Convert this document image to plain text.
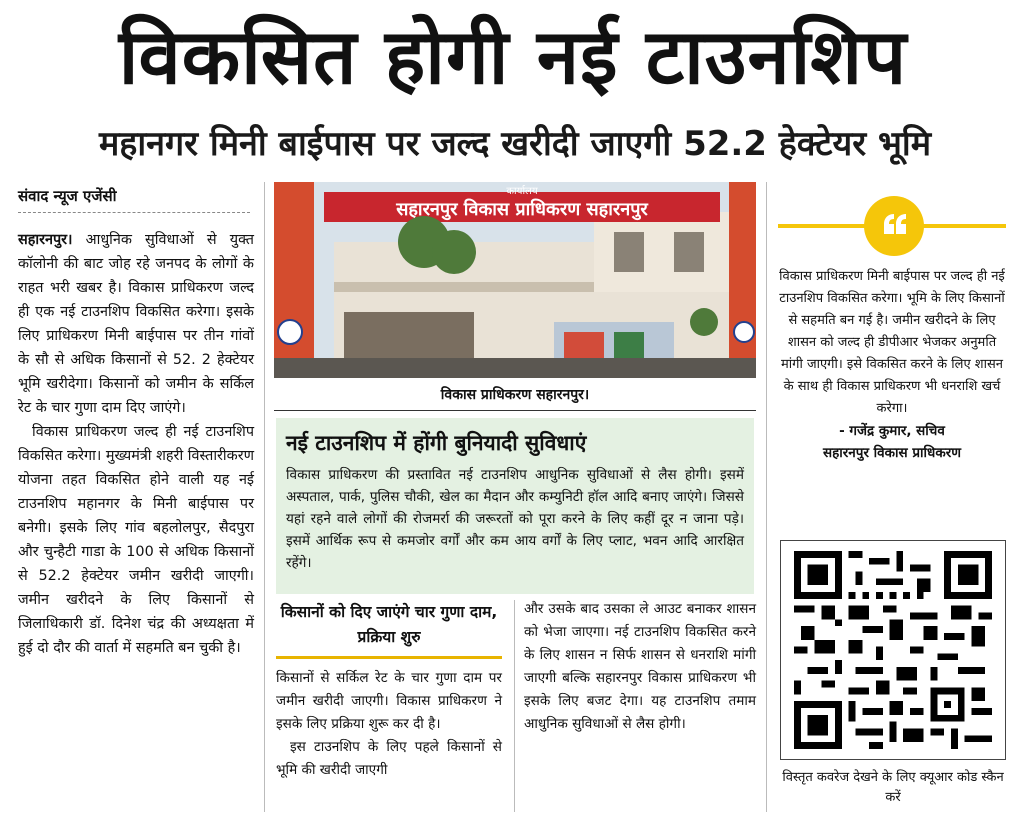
विकसित होगी नई टाउनशिप
महानगर मिनी बाईपास पर जल्द खरीदी जाएगी 52.2 हेक्टेयर भूमि
संवाद न्यूज एजेंसी

सहारनपुर। आधुनिक सुविधाओं से युक्त कॉलोनी की बाट जोह रहे जनपद के लोगों के राहत भरी खबर है। विकास प्राधिकरण जल्द ही एक नई टाउनशिप विकसित करेगा। इसके लिए प्राधिकरण मिनी बाईपास पर तीन गांवों के सौ से अधिक किसानों से 52. 2 हेक्टेयर भूमि खरीदेगा। किसानों को जमीन के सर्किल रेट के चार गुणा दाम दिए जाएंगे।

विकास प्राधिकरण जल्द ही नई टाउनशिप विकसित करेगा। मुख्यमंत्री शहरी विस्तारीकरण योजना तहत विकसित होने वाली यह नई टाउनशिप महानगर के मिनी बाईपास पर बनेगी। इसके लिए गांव बहलोलपुर, सैदपुरा और चुन्हैटी गाडा के 100 से अधिक किसानों से 52.2 हेक्टेयर जमीन खरीदी जाएगी। जमीन खरीदने के लिए किसानों से जिलाधिकारी डॉ. दिनेश चंद्र की अध्यक्षता में हुई दो दौर की वार्ता में सहमति बन चुकी है।

कार्यालय
सहारनपुर विकास प्राधिकरण सहारनपुर
विकास प्राधिकरण सहारनपुर।
नई टाउनशिप में होंगी बुनियादी सुविधाएं
विकास प्राधिकरण की प्रस्तावित नई टाउनशिप आधुनिक सुविधाओं से लैस होगी। इसमें अस्पताल, पार्क, पुलिस चौकी, खेल का मैदान और कम्युनिटी हॉल आदि बनाए जाएंगे। जिससे यहां रहने वाले लोगों की रोजमर्रा की जरूरतों को पूरा करने के लिए कहीं दूर न जाना पड़े। इसमें आर्थिक रूप से कमजोर वर्गों और कम आय वर्गों के लिए प्लाट, भवन आदि आरक्षित रहेंगे।
किसानों को दिए जाएंगे चार गुणा दाम, प्रक्रिया शुरु

किसानों से सर्किल रेट के चार गुणा दाम पर जमीन खरीदी जाएगी। विकास प्राधिकरण ने इसके लिए प्रक्रिया शुरू कर दी है।

इस टाउनशिप के लिए पहले किसानों से भूमि की खरीदी जाएगी

और उसके बाद उसका ले आउट बनाकर शासन को भेजा जाएगा। नई टाउनशिप विकसित करने के लिए शासन न सिर्फ शासन से धनराशि मांगी जाएगी बल्कि सहारनपुर विकास प्राधिकरण भी इसके लिए बजट देगा। यह टाउनशिप तमाम आधुनिक सुविधाओं से लैस होगी।
विकास प्राधिकरण मिनी बाईपास पर जल्द ही नई टाउनशिप विकसित करेगा। भूमि के लिए किसानों से सहमति बन गई है। जमीन खरीदने के लिए शासन को जल्द ही डीपीआर भेजकर अनुमति मांगी जाएगी। इसे विकसित करने के लिए शासन के साथ ही विकास प्राधिकरण भी धनराशि खर्च करेगा।
- गजेंद्र कुमार, सचिव
सहारनपुर विकास प्राधिकरण
विस्तृत कवरेज देखने के लिए क्यूआर कोड स्कैन करें
